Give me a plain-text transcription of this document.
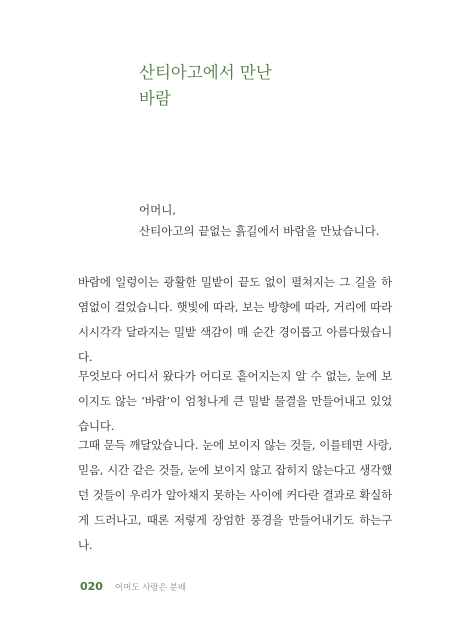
산티아고에서 만난
바람
어머니,
산티아고의 끝없는 흙길에서 바람을 만났습니다.

바람에 일렁이는 광활한 밀밭이 끝도 없이 펼쳐지는 그 길을 하염없이 걸었습니다. 햇빛에 따라, 보는 방향에 따라, 거리에 따라 시시각각 달라지는 밀밭 색감이 매 순간 경이롭고 아름다웠습니다.

무엇보다 어디서 왔다가 어디로 흩어지는지 알 수 없는, 눈에 보이지도 않는 ‘바람’이 엄청나게 큰 밀밭 물결을 만들어내고 있었습니다.

그때 문득 깨달았습니다. 눈에 보이지 않는 것들, 이를테면 사랑, 믿음, 시간 같은 것들, 눈에 보이지 않고 잡히지 않는다고 생각했던 것들이 우리가 알아채지 못하는 사이에 커다란 결과로 확실하게 드러나고, 때론 저렇게 장엄한 풍경을 만들어내기도 하는구나.

020 어머도 사랑은 분배
